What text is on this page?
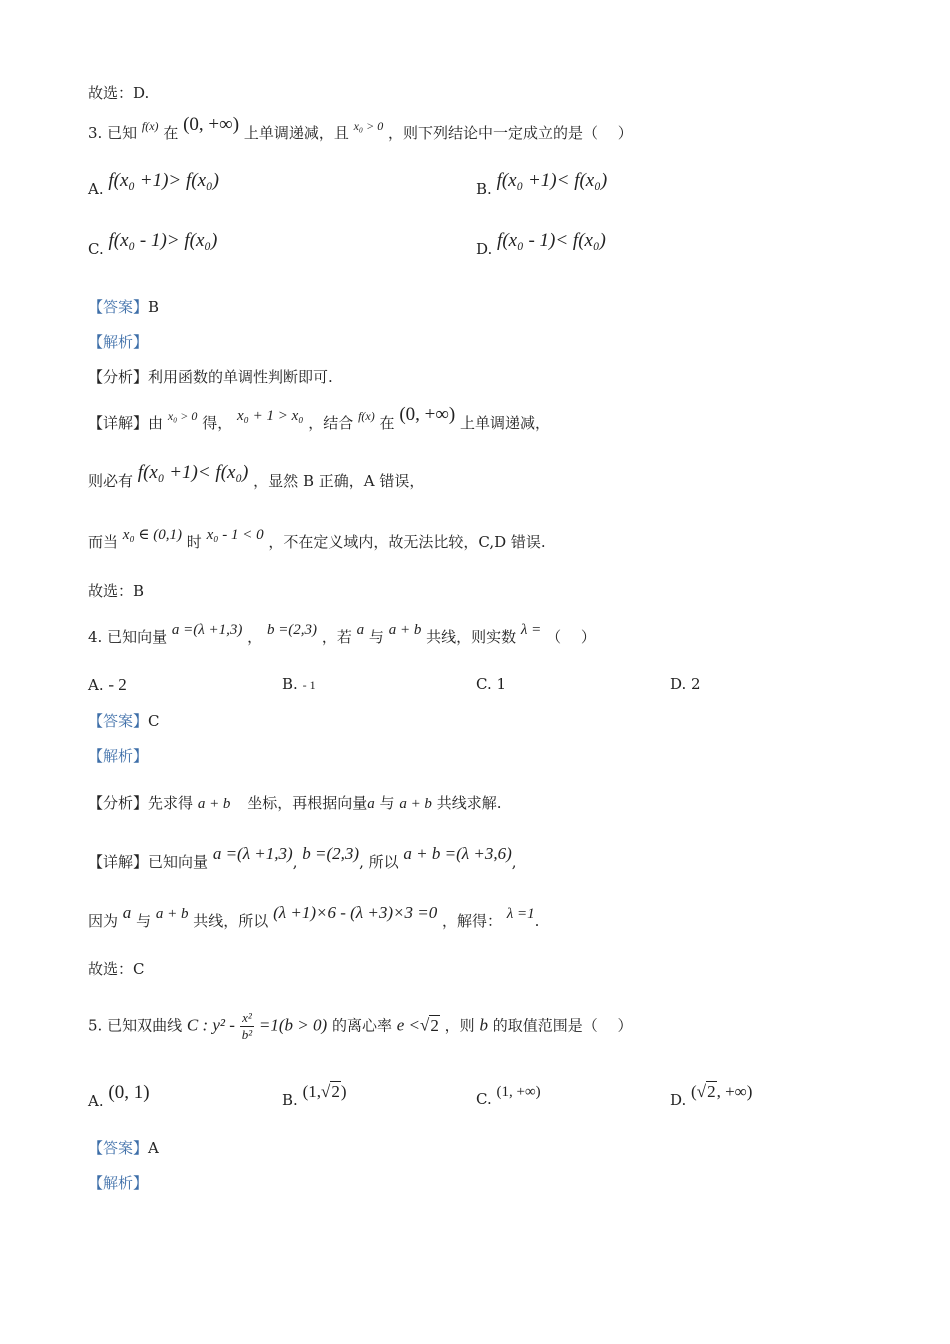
故选：D.
3. 已知 $^{f(x)}$ 在 (0, +∞) 上单调递减，且 $^{x_0 > 0}$ ，则下列结论中一定成立的是（　 ）
A. f(x₀ +1)> f(x₀)	B. f(x₀ +1)< f(x₀)
C. f(x₀ - 1)> f(x₀)	D. f(x₀ - 1)< f(x₀)
【答案】B
【解析】
【分析】利用函数的单调性判断即可.
【详解】由 $^{x_0 > 0}$ 得， x₀ + 1 > x₀ ，结合 $^{f(x)}$ 在 (0, +∞) 上单调递减，
则必有 f(x₀ +1)< f(x₀) ，显然 B 正确，A 错误，
而当 x₀ ∈ (0,1) 时 x₀ - 1 < 0 ，不在定义域内，故无法比较，C,D 错误.
故选：B
4. 已知向量 a =(λ +1,3) ， b =(2,3) ，若 a 与 a + b 共线，则实数 λ = （　 ）
A. - 2	B. - 1	C. 1	D. 2
【答案】C
【解析】
【分析】先求得 a + b 坐标，再根据向量a 与 a + b 共线求解.
【详解】已知向量 a =(λ +1,3), b =(2,3), 所以 a + b =(λ +3,6),
因为 a 与 a + b 共线，所以 (λ +1)×6 - (λ +3)×3 =0 ，解得： λ =1.
故选：C
5. 已知双曲线 C : $y^2 - \frac{\text{x²}}{\text{b²}} =1(b > 0)$ 的离心率 e <√2 ，则 b 的取值范围是（　 ）
A. (0, 1)	B. (1,√2)	C. (1, +∞)	D. (√2, +∞)
【答案】A
【解析】
